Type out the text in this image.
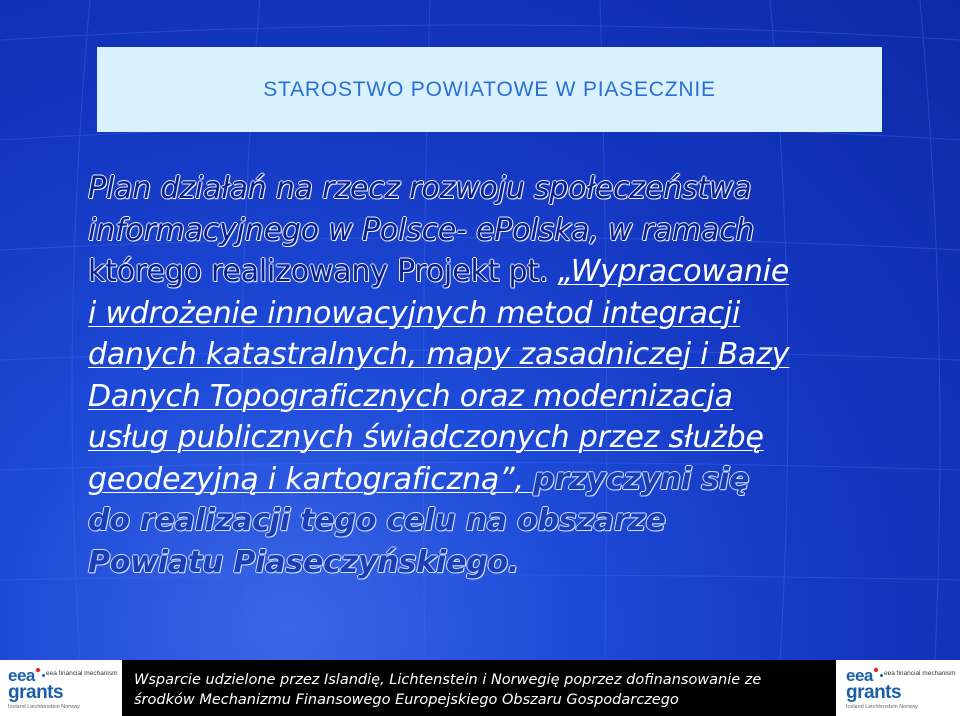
STAROSTWO POWIATOWE W PIASECZNIE
Plan działań na rzecz rozwoju społeczeństwa
informacyjnego w Polsce- ePolska, w ramach
którego realizowany Projekt pt. „Wypracowanie
i wdrożenie innowacyjnych metod integracji
danych katastralnych, mapy zasadniczej i Bazy
Danych Topograficznych oraz modernizacja
usług publicznych świadczonych przez służbę
geodezyjną i kartograficzną”, przyczyni się
do realizacji tego celu na obszarze
Powiatu Piaseczyńskiego.
eea eea financial mechanism
grants
Iceland Liechtenstein Norway
Wsparcie udzielone przez Islandię, Lichtenstein i Norwegię poprzez dofinansowanie ze
środków Mechanizmu Finansowego Europejskiego Obszaru Gospodarczego
eea eea financial mechanism
grants
Iceland Liechtenstein Norway
